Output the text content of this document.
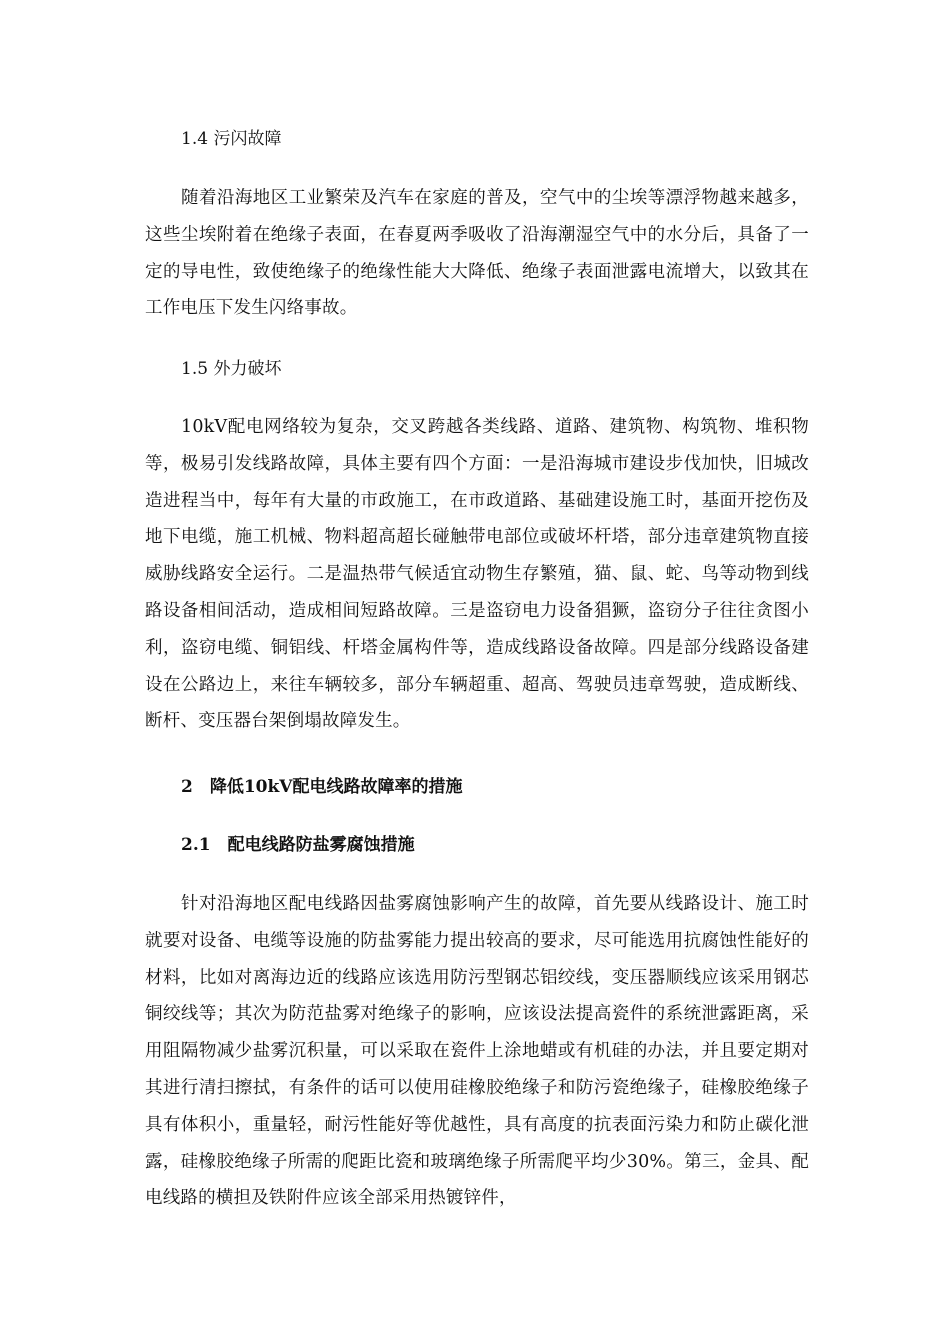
1.4 污闪故障
随着沿海地区工业繁荣及汽车在家庭的普及，空气中的尘埃等漂浮物越来越多，这些尘埃附着在绝缘子表面，在春夏两季吸收了沿海潮湿空气中的水分后，具备了一定的导电性，致使绝缘子的绝缘性能大大降低、绝缘子表面泄露电流增大，以致其在工作电压下发生闪络事故。
1.5 外力破坏
10kV配电网络较为复杂，交叉跨越各类线路、道路、建筑物、构筑物、堆积物等，极易引发线路故障，具体主要有四个方面：一是沿海城市建设步伐加快，旧城改造进程当中，每年有大量的市政施工，在市政道路、基础建设施工时，基面开挖伤及地下电缆，施工机械、物料超高超长碰触带电部位或破坏杆塔，部分违章建筑物直接威胁线路安全运行。二是温热带气候适宜动物生存繁殖，猫、鼠、蛇、鸟等动物到线路设备相间活动，造成相间短路故障。三是盗窃电力设备猖獗，盗窃分子往往贪图小利，盗窃电缆、铜铝线、杆塔金属构件等，造成线路设备故障。四是部分线路设备建设在公路边上，来往车辆较多，部分车辆超重、超高、驾驶员违章驾驶，造成断线、断杆、变压器台架倒塌故障发生。
2　降低10kV配电线路故障率的措施
2.1　配电线路防盐雾腐蚀措施
针对沿海地区配电线路因盐雾腐蚀影响产生的故障，首先要从线路设计、施工时就要对设备、电缆等设施的防盐雾能力提出较高的要求，尽可能选用抗腐蚀性能好的材料，比如对离海边近的线路应该选用防污型钢芯铝绞线，变压器顺线应该采用钢芯铜绞线等；其次为防范盐雾对绝缘子的影响，应该设法提高瓷件的系统泄露距离，采用阻隔物减少盐雾沉积量，可以采取在瓷件上涂地蜡或有机硅的办法，并且要定期对其进行清扫擦拭，有条件的话可以使用硅橡胶绝缘子和防污瓷绝缘子，硅橡胶绝缘子具有体积小，重量轻，耐污性能好等优越性，具有高度的抗表面污染力和防止碳化泄露，硅橡胶绝缘子所需的爬距比瓷和玻璃绝缘子所需爬平均少30%。第三，金具、配电线路的横担及铁附件应该全部采用热镀锌件，
